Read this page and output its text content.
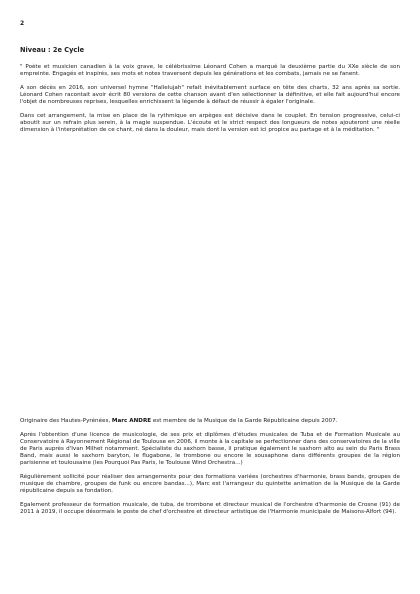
2
Niveau : 2e Cycle

" Poète et musicien canadien à la voix grave, le célébrissime Léonard Cohen a marqué la deuxième partie du XXe siècle de son empreinte. Engagés et inspirés, ses mots et notes traversent depuis les générations et les combats, jamais ne se fanent.

A son décès en 2016, son universel hymne "Hallelujah" refait inévitablement surface en tête des charts, 32 ans après sa sortie. Léonard Cohen racontait avoir écrit 80 versions de cette chanson avant d'en sélectionner la définitive, et elle fait aujourd'hui encore l'objet de nombreuses reprises, lesquelles enrichissent la légende à défaut de réussir à égaler l'originale.

Dans cet arrangement, la mise en place de la rythmique en arpèges est décisive dans le couplet. En tension progressive, celui-ci aboutit sur un refrain plus serein, à la magie suspendue. L'écoute et le strict respect des longueurs de notes ajouteront une réelle dimension à l'interprétation de ce chant, né dans la douleur, mais dont la version est ici propice au partage et à la méditation. "

Originaire des Hautes-Pyrénées, Marc ANDRE est membre de la Musique de la Garde Républicaine depuis 2007.

Après l'obtention d'une licence de musicologie, de ses prix et diplômes d'études musicales de Tuba et de Formation Musicale au Conservatoire à Rayonnement Régional de Toulouse en 2006, il monte à la capitale se perfectionner dans des conservatoires de la ville de Paris auprès d'Ivan Milhet notamment. Spécialiste du saxhorn basse, il pratique également le saxhorn alto au sein du Paris Brass Band, mais aussi le saxhorn baryton, le flugabone, le trombone ou encore le sousaphone dans différents groupes de la région parisienne et toulousaine (les Pourquoi Pas Paris, le Toulouse Wind Orchestra...)

Régulièrement sollicité pour réaliser des arrangements pour des formations variées (orchestres d'harmonie, brass bands, groupes de musique de chambre, groupes de funk ou encore bandas...), Marc est l'arrangeur du quintette animation de la Musique de la Garde républicaine depuis sa fondation.

Egalement professeur de formation musicale, de tuba, de trombone et directeur musical de l'orchestre d'harmonie de Crosne (91) de 2011 à 2019, il occupe désormais le poste de chef d'orchestre et directeur artistique de l'Harmonie municipale de Maisons-Alfort (94).
